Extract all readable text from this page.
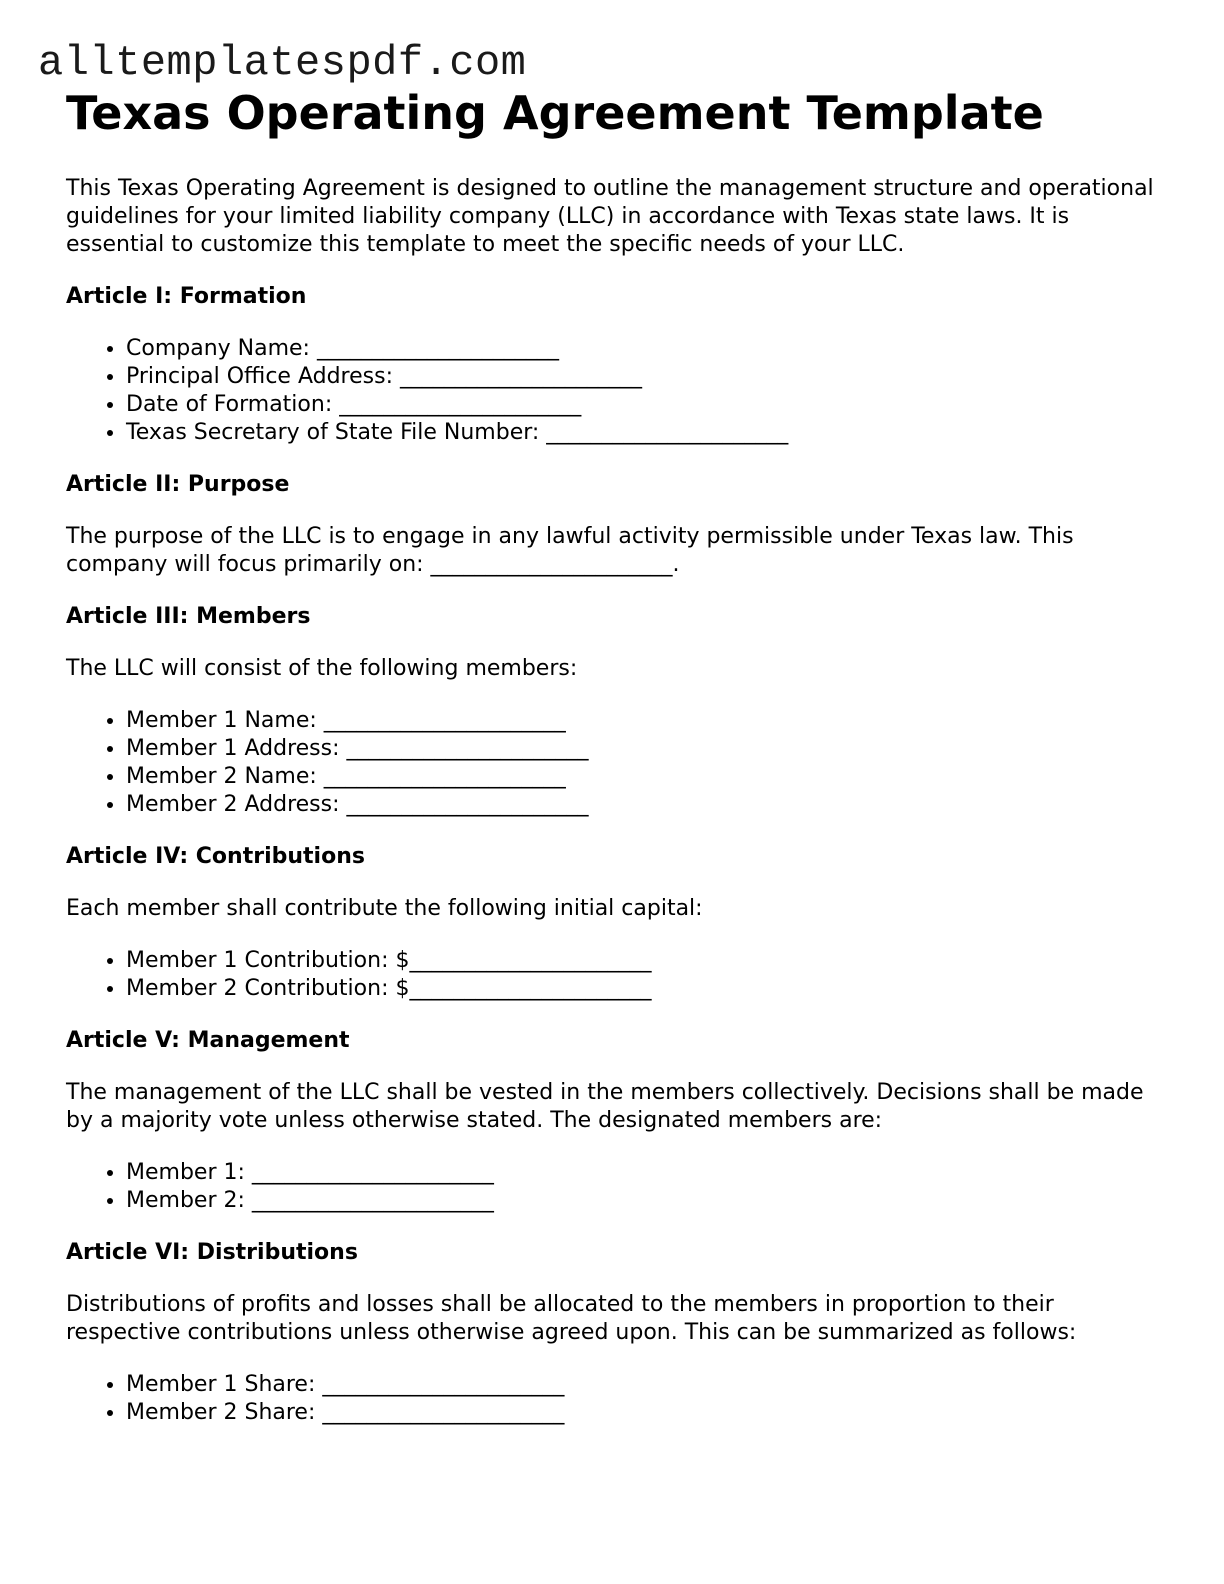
alltemplatespdf.com
Texas Operating Agreement Template

This Texas Operating Agreement is designed to outline the management structure and operational guidelines for your limited liability company (LLC) in accordance with Texas state laws. It is essential to customize this template to meet the specific needs of your LLC.

Article I: Formation
• Company Name: ______________________
• Principal Office Address: ______________________
• Date of Formation: ______________________
• Texas Secretary of State File Number: ______________________
Article II: Purpose

The purpose of the LLC is to engage in any lawful activity permissible under Texas law. This company will focus primarily on: ______________________.

Article III: Members

The LLC will consist of the following members:

• Member 1 Name: ______________________
• Member 1 Address: ______________________
• Member 2 Name: ______________________
• Member 2 Address: ______________________
Article IV: Contributions

Each member shall contribute the following initial capital:

• Member 1 Contribution: $______________________
• Member 2 Contribution: $______________________
Article V: Management

The management of the LLC shall be vested in the members collectively. Decisions shall be made by a majority vote unless otherwise stated. The designated members are:

• Member 1: ______________________
• Member 2: ______________________
Article VI: Distributions

Distributions of profits and losses shall be allocated to the members in proportion to their respective contributions unless otherwise agreed upon. This can be summarized as follows:

• Member 1 Share: ______________________
• Member 2 Share: ______________________
